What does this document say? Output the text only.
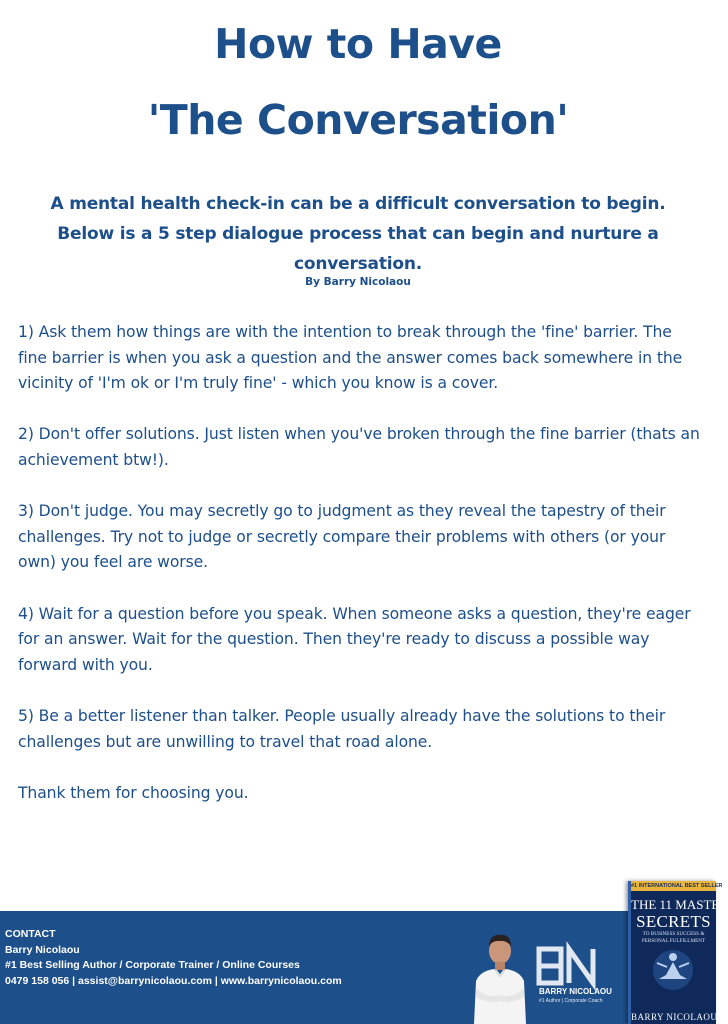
How to Have
'The Conversation'
A mental health check-in can be a difficult conversation to begin. Below is a 5 step dialogue process that can begin and nurture a conversation.
By Barry Nicolaou

1) Ask them how things are with the intention to break through the 'fine' barrier. The fine barrier is when you ask a question and the answer comes back somewhere in the vicinity of 'I'm ok or I'm truly fine' - which you know is a cover.

2) Don't offer solutions. Just listen when you've broken through the fine barrier (thats an achievement btw!).

3) Don't judge. You may secretly go to judgment as they reveal the tapestry of their challenges. Try not to judge or secretly compare their problems with others (or your own) you feel are worse.

4) Wait for a question before you speak. When someone asks a question, they're eager for an answer. Wait for the question. Then they're ready to discuss a possible way forward with you.

5) Be a better listener than talker. People usually already have the solutions to their challenges but are unwilling to travel that road alone.

Thank them for choosing you.

CONTACT
Barry Nicolaou
#1 Best Selling Author / Corporate Trainer / Online Courses
0479 158 056 | assist@barrynicolaou.com | www.barrynicolaou.com
BARRY NICOLAOU
#1 Author | Corporate Coach
#1 INTERNATIONAL BEST SELLER
THE 11 MASTER
SECRETS
TO BUSINESS SUCCESS & PERSONAL FULFILLMENT
BARRY NICOLAOU
